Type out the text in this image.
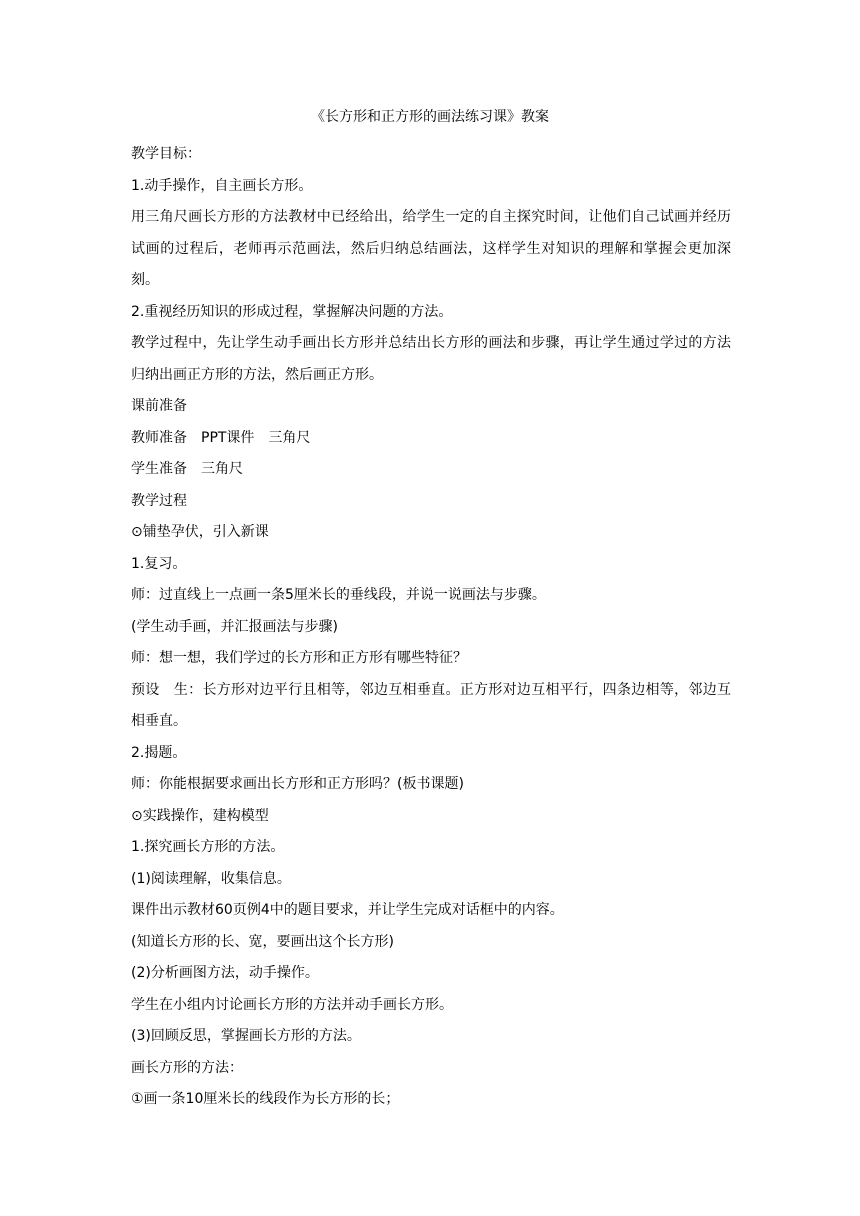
《长方形和正方形的画法练习课》教案

教学目标：

1.动手操作，自主画长方形。

用三角尺画长方形的方法教材中已经给出，给学生一定的自主探究时间，让他们自己试画并经历试画的过程后，老师再示范画法，然后归纳总结画法，这样学生对知识的理解和掌握会更加深刻。

2.重视经历知识的形成过程，掌握解决问题的方法。

教学过程中，先让学生动手画出长方形并总结出长方形的画法和步骤，再让学生通过学过的方法归纳出画正方形的方法，然后画正方形。

课前准备

教师准备　PPT课件　三角尺

学生准备　三角尺

教学过程

⊙铺垫孕伏，引入新课

1.复习。

师：过直线上一点画一条5厘米长的垂线段，并说一说画法与步骤。

(学生动手画，并汇报画法与步骤)

师：想一想，我们学过的长方形和正方形有哪些特征？

预设　生：长方形对边平行且相等，邻边互相垂直。正方形对边互相平行，四条边相等，邻边互相垂直。

2.揭题。

师：你能根据要求画出长方形和正方形吗？(板书课题)

⊙实践操作，建构模型

1.探究画长方形的方法。

(1)阅读理解，收集信息。

课件出示教材60页例4中的题目要求，并让学生完成对话框中的内容。

(知道长方形的长、宽，要画出这个长方形)

(2)分析画图方法，动手操作。

学生在小组内讨论画长方形的方法并动手画长方形。

(3)回顾反思，掌握画长方形的方法。

画长方形的方法：

①画一条10厘米长的线段作为长方形的长；
